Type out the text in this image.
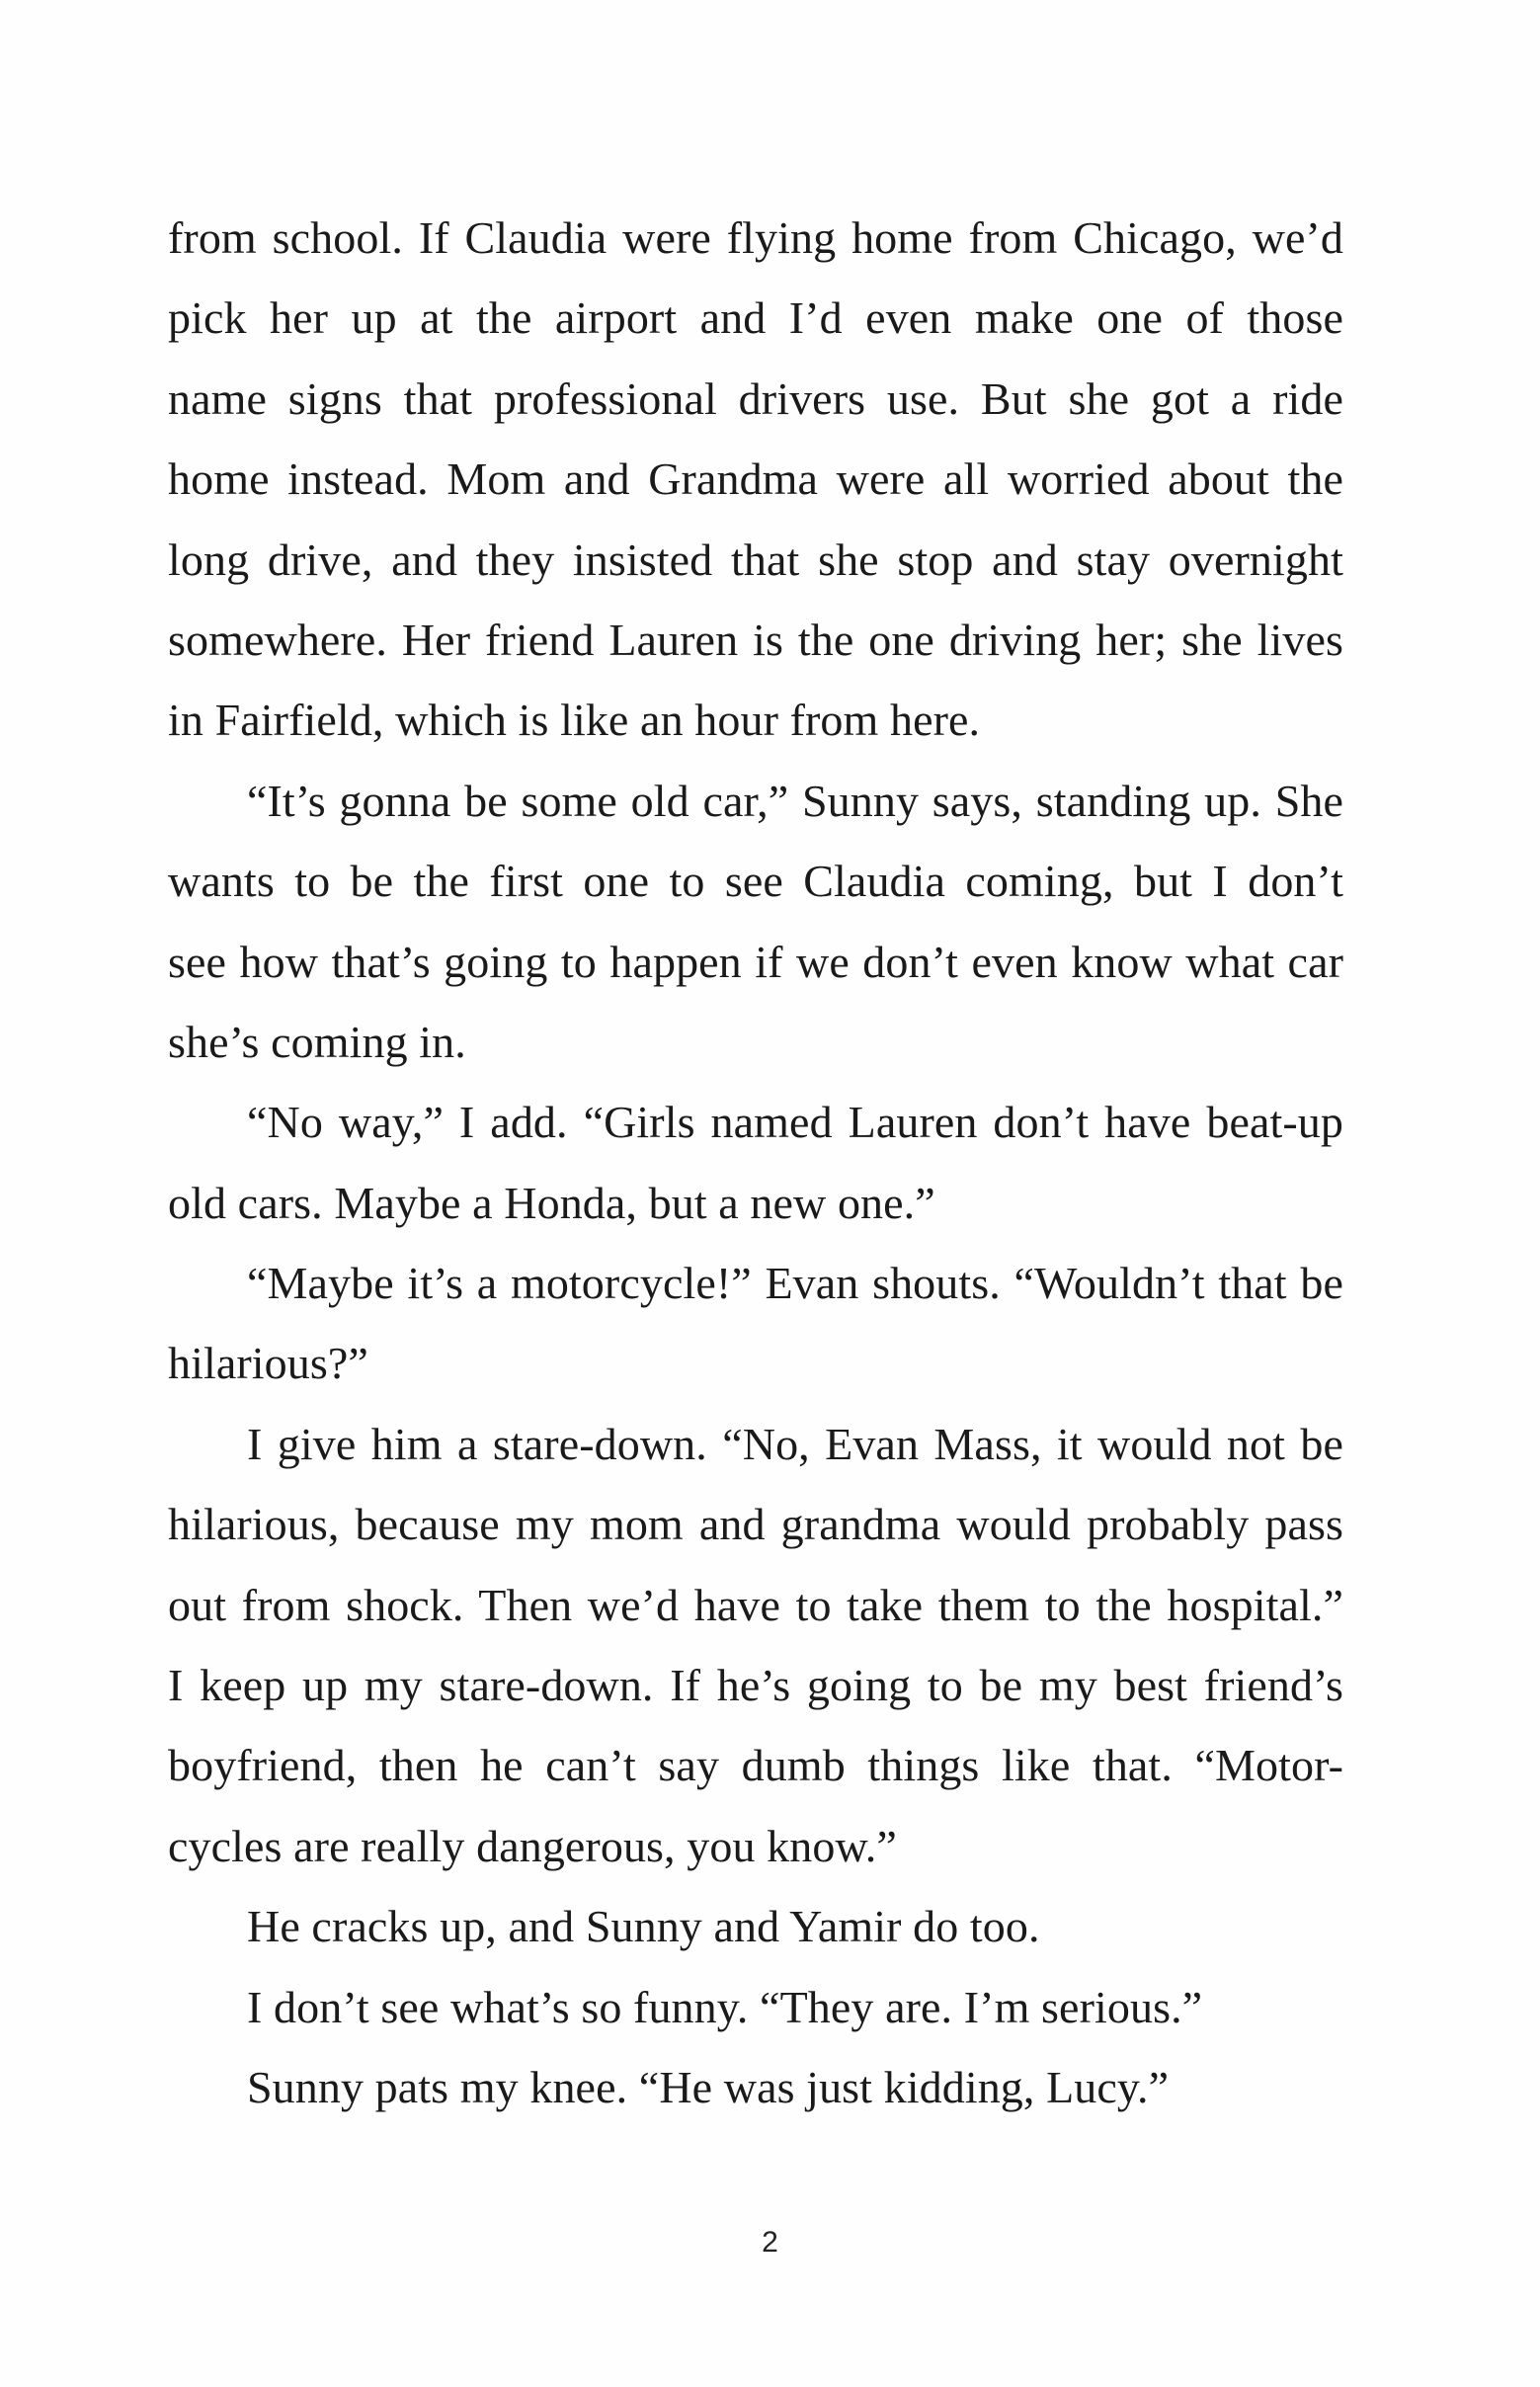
from school. If Claudia were flying home from Chicago, we’d
pick her up at the airport and I’d even make one of those
name signs that professional drivers use. But she got a ride
home instead. Mom and Grandma were all worried about the
long drive, and they insisted that she stop and stay overnight
somewhere. Her friend Lauren is the one driving her; she lives
in Fairfield, which is like an hour from here.
“It’s gonna be some old car,” Sunny says, standing up. She
wants to be the first one to see Claudia coming, but I don’t
see how that’s going to happen if we don’t even know what car
she’s coming in.
“No way,” I add. “Girls named Lauren don’t have beat-up
old cars. Maybe a Honda, but a new one.”
“Maybe it’s a motorcycle!” Evan shouts. “Wouldn’t that be
hilarious?”
I give him a stare-down. “No, Evan Mass, it would not be
hilarious, because my mom and grandma would probably pass
out from shock. Then we’d have to take them to the hospital.”
I keep up my stare-down. If he’s going to be my best friend’s
boyfriend, then he can’t say dumb things like that. “Motor-
cycles are really dangerous, you know.”
He cracks up, and Sunny and Yamir do too.
I don’t see what’s so funny. “They are. I’m serious.”
Sunny pats my knee. “He was just kidding, Lucy.”
2
